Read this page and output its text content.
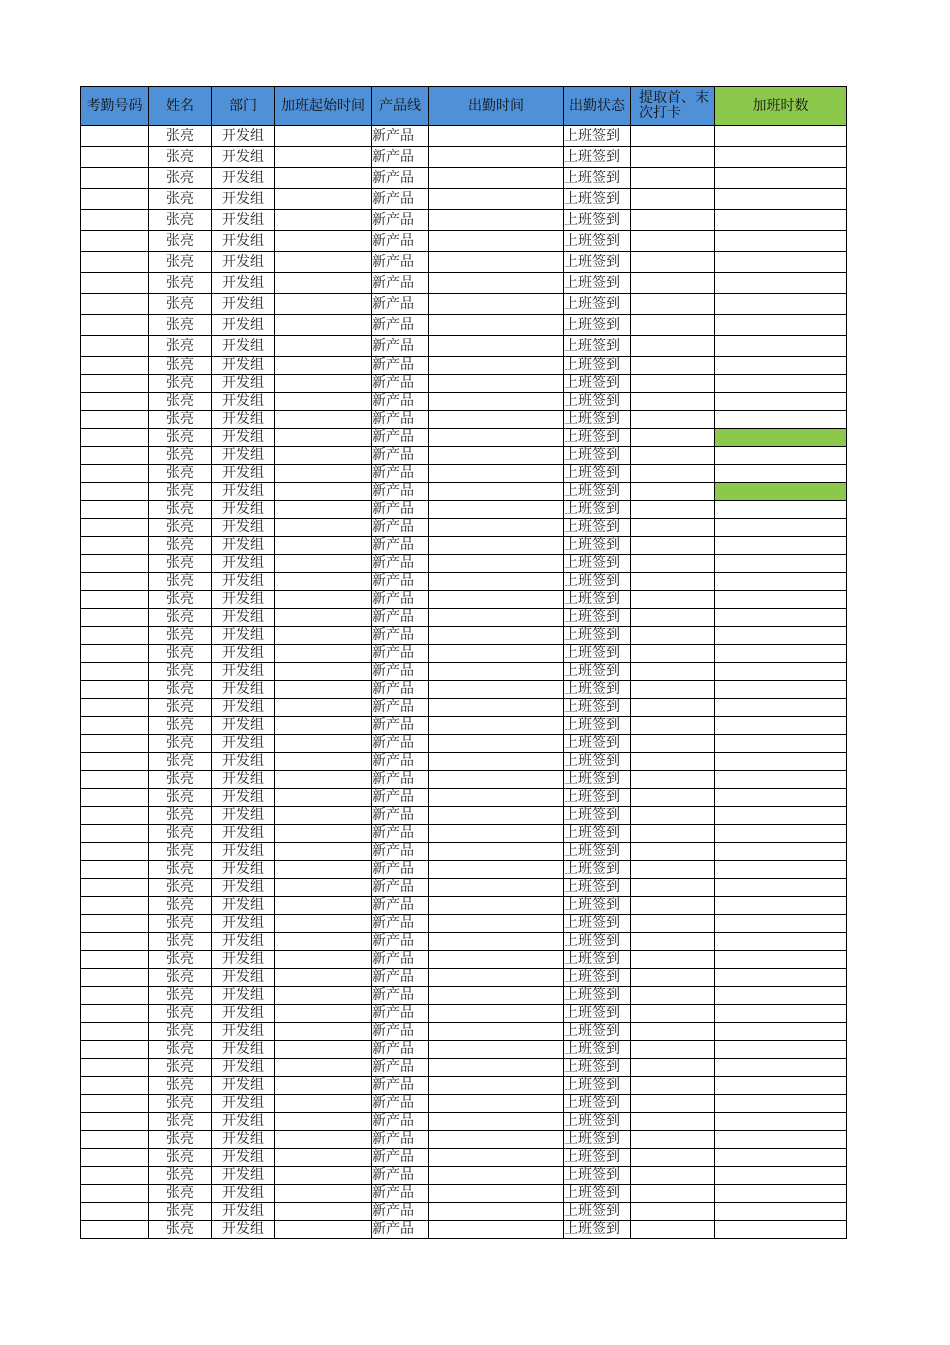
考勤号码	姓名	部门	加班起始时间	产品线	出勤时间	出勤状态	提取首、末次打卡	加班时数
	张亮	开发组		新产品		上班签到		
	张亮	开发组		新产品		上班签到		
	张亮	开发组		新产品		上班签到		
	张亮	开发组		新产品		上班签到		
	张亮	开发组		新产品		上班签到		
	张亮	开发组		新产品		上班签到		
	张亮	开发组		新产品		上班签到		
	张亮	开发组		新产品		上班签到		
	张亮	开发组		新产品		上班签到		
	张亮	开发组		新产品		上班签到		
	张亮	开发组		新产品		上班签到		
	张亮	开发组		新产品		上班签到		
	张亮	开发组		新产品		上班签到		
	张亮	开发组		新产品		上班签到		
	张亮	开发组		新产品		上班签到		
	张亮	开发组		新产品		上班签到		
	张亮	开发组		新产品		上班签到		
	张亮	开发组		新产品		上班签到		
	张亮	开发组		新产品		上班签到		
	张亮	开发组		新产品		上班签到		
	张亮	开发组		新产品		上班签到		
	张亮	开发组		新产品		上班签到		
	张亮	开发组		新产品		上班签到		
	张亮	开发组		新产品		上班签到		
	张亮	开发组		新产品		上班签到		
	张亮	开发组		新产品		上班签到		
	张亮	开发组		新产品		上班签到		
	张亮	开发组		新产品		上班签到		
	张亮	开发组		新产品		上班签到		
	张亮	开发组		新产品		上班签到		
	张亮	开发组		新产品		上班签到		
	张亮	开发组		新产品		上班签到		
	张亮	开发组		新产品		上班签到		
	张亮	开发组		新产品		上班签到		
	张亮	开发组		新产品		上班签到		
	张亮	开发组		新产品		上班签到		
	张亮	开发组		新产品		上班签到		
	张亮	开发组		新产品		上班签到		
	张亮	开发组		新产品		上班签到		
	张亮	开发组		新产品		上班签到		
	张亮	开发组		新产品		上班签到		
	张亮	开发组		新产品		上班签到		
	张亮	开发组		新产品		上班签到		
	张亮	开发组		新产品		上班签到		
	张亮	开发组		新产品		上班签到		
	张亮	开发组		新产品		上班签到		
	张亮	开发组		新产品		上班签到		
	张亮	开发组		新产品		上班签到		
	张亮	开发组		新产品		上班签到		
	张亮	开发组		新产品		上班签到		
	张亮	开发组		新产品		上班签到		
	张亮	开发组		新产品		上班签到		
	张亮	开发组		新产品		上班签到		
	张亮	开发组		新产品		上班签到		
	张亮	开发组		新产品		上班签到		
	张亮	开发组		新产品		上班签到		
	张亮	开发组		新产品		上班签到		
	张亮	开发组		新产品		上班签到		
	张亮	开发组		新产品		上班签到		
	张亮	开发组		新产品		上班签到		
